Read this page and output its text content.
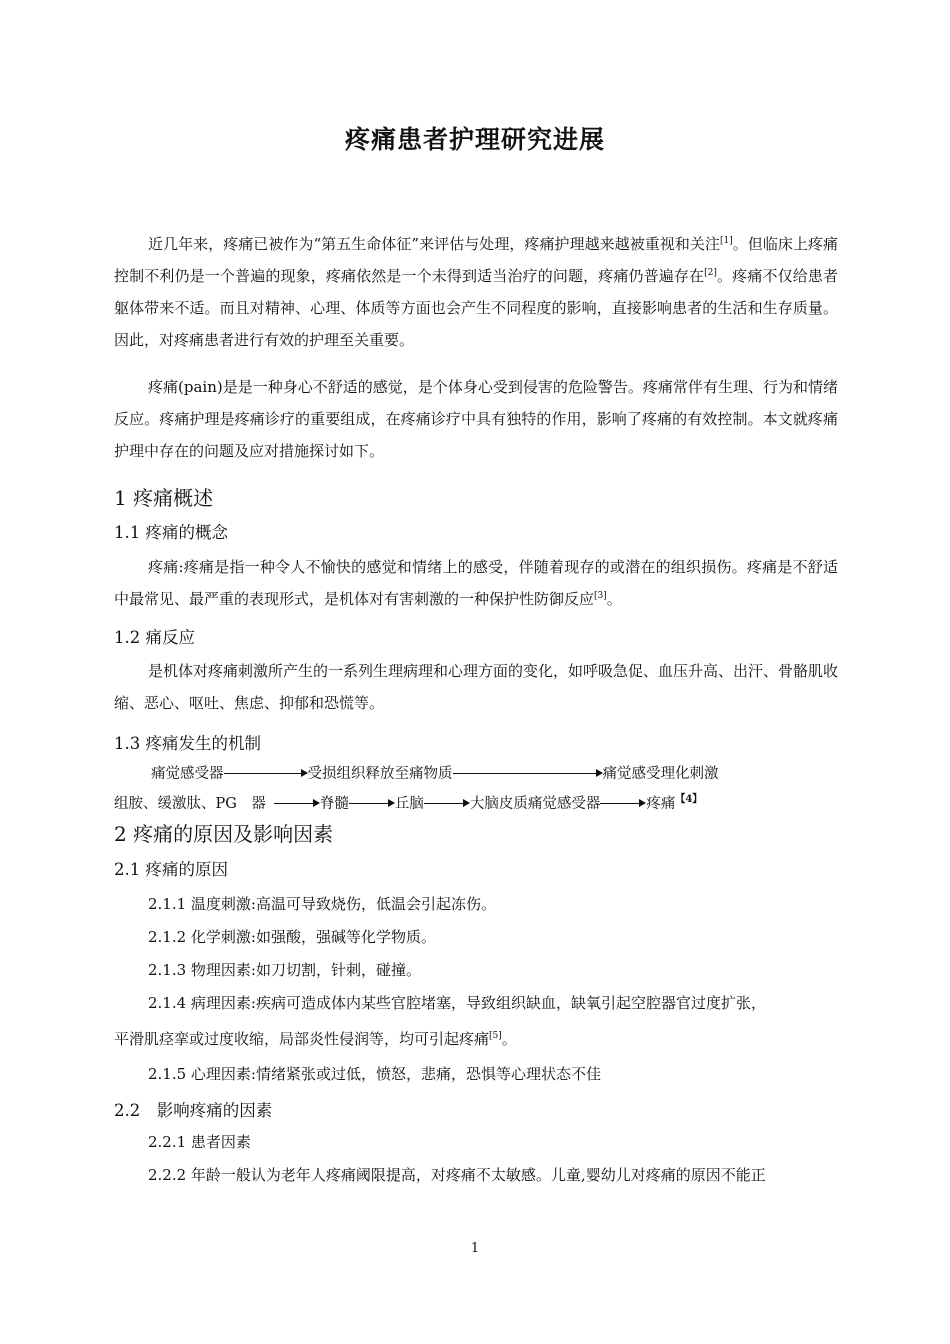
疼痛患者护理研究进展

近几年来，疼痛已被作为“第五生命体征”来评估与处理，疼痛护理越来越被重视和关注[1]。但临床上疼痛控制不利仍是一个普遍的现象，疼痛依然是一个未得到适当治疗的问题，疼痛仍普遍存在[2]。疼痛不仅给患者躯体带来不适。而且对精神、心理、体质等方面也会产生不同程度的影响，直接影响患者的生活和生存质量。因此，对疼痛患者进行有效的护理至关重要。

疼痛(pain)是是一种身心不舒适的感觉，是个体身心受到侵害的危险警告。疼痛常伴有生理、行为和情绪反应。疼痛护理是疼痛诊疗的重要组成，在疼痛诊疗中具有独特的作用，影响了疼痛的有效控制。本文就疼痛护理中存在的问题及应对措施探讨如下。

1 疼痛概述
1.1 疼痛的概念

疼痛:疼痛是指一种令人不愉快的感觉和情绪上的感受，伴随着现存的或潜在的组织损伤。疼痛是不舒适中最常见、最严重的表现形式，是机体对有害刺激的一种保护性防御反应[3]。

1.2 痛反应

是机体对疼痛刺激所产生的一系列生理病理和心理方面的变化，如呼吸急促、血压升高、出汗、骨骼肌收缩、恶心、呕吐、焦虑、抑郁和恐慌等。

1.3 疼痛发生的机制
痛觉感受器	受损组织释放至痛物质	痛觉感受理化刺激
组胺、缓激肽、PG　器	脊髓	丘脑	大脑皮质痛觉感受器	疼痛$^{【4】}$
2 疼痛的原因及影响因素
2.1 疼痛的原因
2.1.1 温度刺激:高温可导致烧伤，低温会引起冻伤。
2.1.2 化学刺激:如强酸，强碱等化学物质。
2.1.3 物理因素:如刀切割，针刺，碰撞。
2.1.4 病理因素:疾病可造成体内某些官腔堵塞，导致组织缺血，缺氧引起空腔器官过度扩张，
平滑肌痉挛或过度收缩，局部炎性侵润等，均可引起疼痛[5]。
2.1.5 心理因素:情绪紧张或过低，愤怒，悲痛，恐惧等心理状态不佳
2.2　影响疼痛的因素
2.2.1 患者因素
2.2.2 年龄一般认为老年人疼痛阈限提高，对疼痛不太敏感。儿童,婴幼儿对疼痛的原因不能正
1
